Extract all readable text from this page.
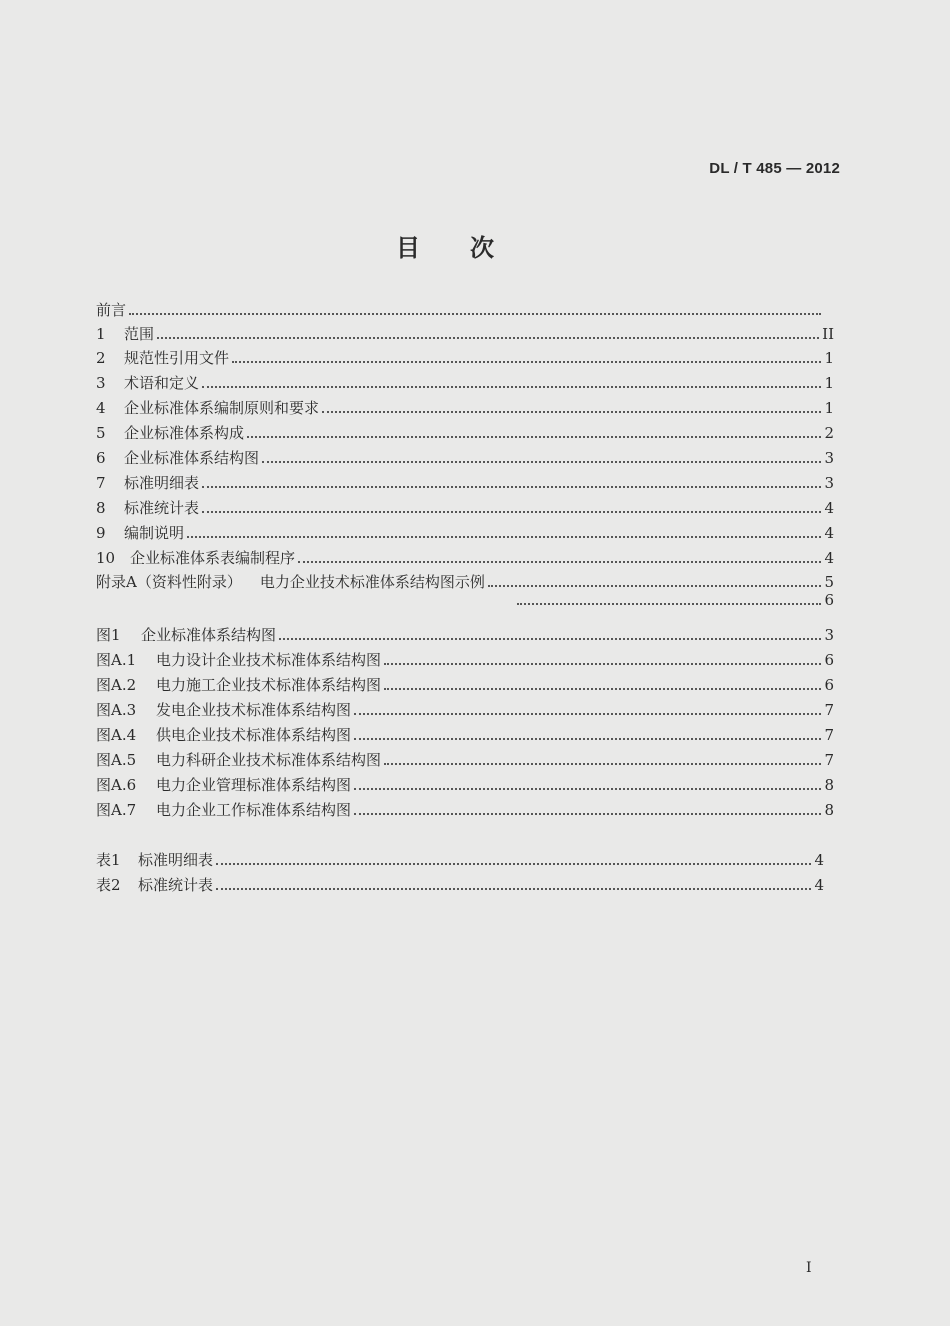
DL / T 485 — 2012
目次
前言
1	范围	II
2	规范性引用文件	1
3	术语和定义	1
4	企业标准体系编制原则和要求	1
5	企业标准体系构成	2
6	企业标准体系结构图	3
7	标准明细表	3
8	标准统计表	4
9	编制说明	4
10 企业标准体系表编制程序	4
附录A（资料性附录）	电力企业技术标准体系结构图示例	5
6
图1	企业标准体系结构图	3
图A.1	电力设计企业技术标准体系结构图	6
图A.2	电力施工企业技术标准体系结构图	6
图A.3	发电企业技术标准体系结构图	7
图A.4	供电企业技术标准体系结构图	7
图A.5	电力科研企业技术标准体系结构图	7
图A.6	电力企业管理标准体系结构图	8
图A.7	电力企业工作标准体系结构图	8
表1	标准明细表	4
表2	标准统计表	4
I
